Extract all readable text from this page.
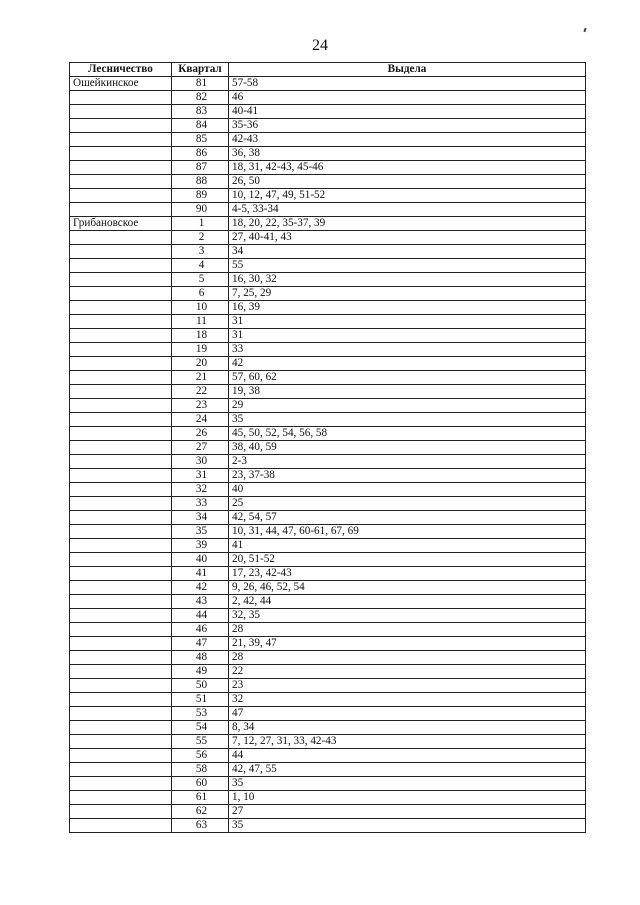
24
Лесничество	Квартал	Выдела
Ошейкинское	81	57-58
	82	46
	83	40-41
	84	35-36
	85	42-43
	86	36, 38
	87	18, 31, 42-43, 45-46
	88	26, 50
	89	10, 12, 47, 49, 51-52
	90	4-5, 33-34
Грибановское	1	18, 20, 22, 35-37, 39
	2	27, 40-41, 43
	3	34
	4	55
	5	16, 30, 32
	6	7, 25, 29
	10	16, 39
	11	31
	18	31
	19	33
	20	42
	21	57, 60, 62
	22	19, 38
	23	29
	24	35
	26	45, 50, 52, 54, 56, 58
	27	38, 40, 59
	30	2-3
	31	23, 37-38
	32	40
	33	25
	34	42, 54, 57
	35	10, 31, 44, 47, 60-61, 67, 69
	39	41
	40	20, 51-52
	41	17, 23, 42-43
	42	9, 26, 46, 52, 54
	43	2, 42, 44
	44	32, 35
	46	28
	47	21, 39, 47
	48	28
	49	22
	50	23
	51	32
	53	47
	54	8, 34
	55	7, 12, 27, 31, 33, 42-43
	56	44
	58	42, 47, 55
	60	35
	61	1, 10
	62	27
	63	35
